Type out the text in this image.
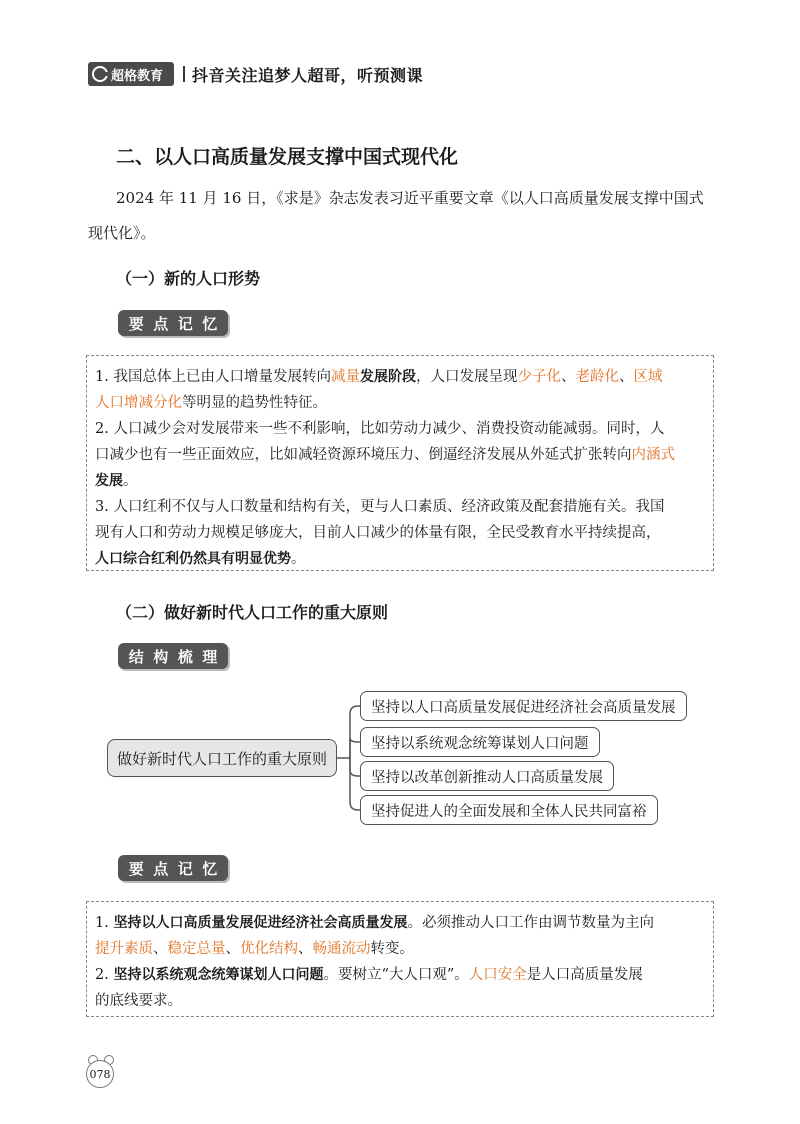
超格教育 抖音关注追梦人超哥，听预测课
二、以人口高质量发展支撑中国式现代化
2024 年 11 月 16 日，《求是》杂志发表习近平重要文章《以人口高质量发展支撑中国式
现代化》。
（一）新的人口形势
要 点 记 忆

1. 我国总体上已由人口增量发展转向减量发展阶段，人口发展呈现少子化、老龄化、区域
人口增减分化等明显的趋势性特征。

2. 人口减少会对发展带来一些不利影响，比如劳动力减少、消费投资动能减弱。同时，人
口减少也有一些正面效应，比如减轻资源环境压力、倒逼经济发展从外延式扩张转向内涵式
发展。

3. 人口红利不仅与人口数量和结构有关，更与人口素质、经济政策及配套措施有关。我国
现有人口和劳动力规模足够庞大，目前人口减少的体量有限，全民受教育水平持续提高，
人口综合红利仍然具有明显优势。

（二）做好新时代人口工作的重大原则
结 构 梳 理
做好新时代人口工作的重大原则
坚持以人口高质量发展促进经济社会高质量发展
坚持以系统观念统筹谋划人口问题
坚持以改革创新推动人口高质量发展
坚持促进人的全面发展和全体人民共同富裕
要 点 记 忆

1. 坚持以人口高质量发展促进经济社会高质量发展。必须推动人口工作由调节数量为主向
提升素质、稳定总量、优化结构、畅通流动转变。

2. 坚持以系统观念统筹谋划人口问题。要树立“大人口观”。人口安全是人口高质量发展
的底线要求。

078
